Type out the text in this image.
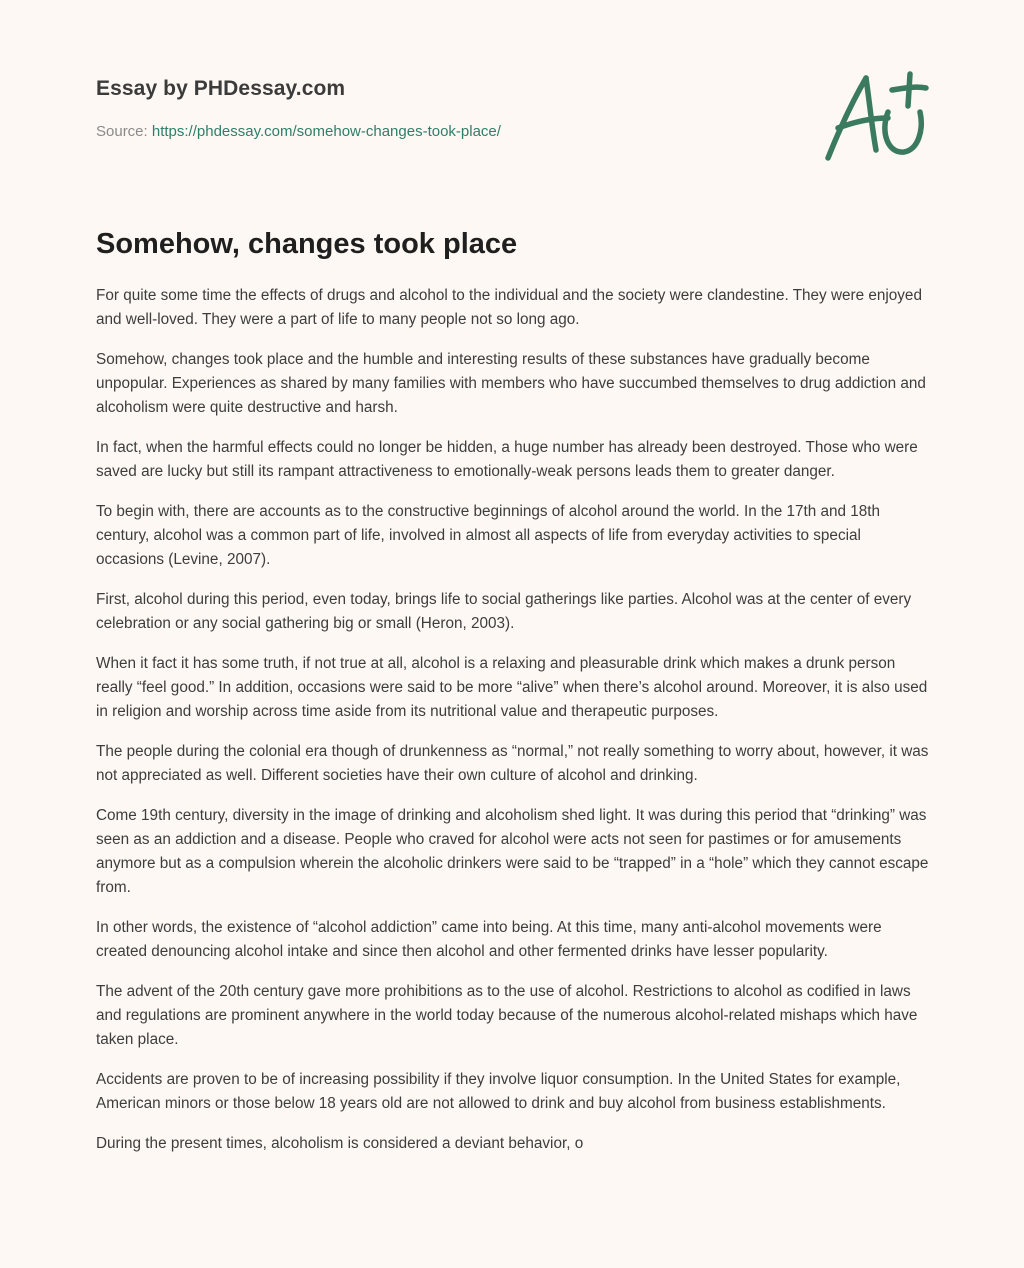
Essay by PHDessay.com
Source: https://phdessay.com/somehow-changes-took-place/
Somehow, changes took place

For quite some time the effects of drugs and alcohol to the individual and the society were clandestine. They were enjoyed and well-loved. They were a part of life to many people not so long ago.

Somehow, changes took place and the humble and interesting results of these substances have gradually become unpopular. Experiences as shared by many families with members who have succumbed themselves to drug addiction and alcoholism were quite destructive and harsh.

In fact, when the harmful effects could no longer be hidden, a huge number has already been destroyed. Those who were saved are lucky but still its rampant attractiveness to emotionally-weak persons leads them to greater danger.

To begin with, there are accounts as to the constructive beginnings of alcohol around the world. In the 17th and 18th century, alcohol was a common part of life, involved in almost all aspects of life from everyday activities to special occasions (Levine, 2007).

First, alcohol during this period, even today, brings life to social gatherings like parties. Alcohol was at the center of every celebration or any social gathering big or small (Heron, 2003).

When it fact it has some truth, if not true at all, alcohol is a relaxing and pleasurable drink which makes a drunk person really “feel good.” In addition, occasions were said to be more “alive” when there’s alcohol around. Moreover, it is also used in religion and worship across time aside from its nutritional value and therapeutic purposes.

The people during the colonial era though of drunkenness as “normal,” not really something to worry about, however, it was not appreciated as well. Different societies have their own culture of alcohol and drinking.

Come 19th century, diversity in the image of drinking and alcoholism shed light. It was during this period that “drinking” was seen as an addiction and a disease. People who craved for alcohol were acts not seen for pastimes or for amusements anymore but as a compulsion wherein the alcoholic drinkers were said to be “trapped” in a “hole” which they cannot escape from.

In other words, the existence of “alcohol addiction” came into being. At this time, many anti-alcohol movements were created denouncing alcohol intake and since then alcohol and other fermented drinks have lesser popularity.

The advent of the 20th century gave more prohibitions as to the use of alcohol. Restrictions to alcohol as codified in laws and regulations are prominent anywhere in the world today because of the numerous alcohol-related mishaps which have taken place.

Accidents are proven to be of increasing possibility if they involve liquor consumption. In the United States for example, American minors or those below 18 years old are not allowed to drink and buy alcohol from business establishments.

During the present times, alcoholism is considered a deviant behavior, o
